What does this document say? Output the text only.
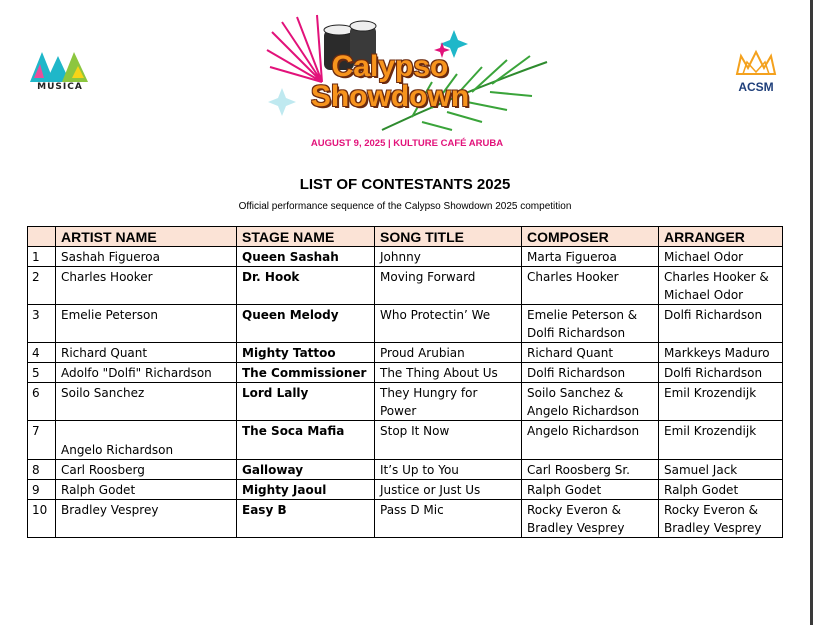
MUSICA	ACSM
Calypso
Showdown
AUGUST 9, 2025 | KULTURE CAFÉ ARUBA
LIST OF CONTESTANTS 2025
Official performance sequence of the Calypso Showdown 2025 competition
	ARTIST NAME	STAGE NAME	SONG TITLE	COMPOSER	ARRANGER
1	Sashah Figueroa	Queen Sashah	Johnny	Marta Figueroa	Michael Odor
2	Charles Hooker	Dr. Hook	Moving Forward	Charles Hooker	Charles Hooker & Michael Odor
3	Emelie Peterson	Queen Melody	Who Protectin’ We	Emelie Peterson & Dolfi Richardson	Dolfi Richardson
4	Richard Quant	Mighty Tattoo	Proud Arubian	Richard Quant	Markkeys Maduro
5	Adolfo "Dolfi" Richardson	The Commissioner	The Thing About Us	Dolfi Richardson	Dolfi Richardson
6	Soilo Sanchez	Lord Lally	They Hungry for Power	Soilo Sanchez & Angelo Richardson	Emil Krozendijk
7	Angelo Richardson	The Soca Mafia	Stop It Now	Angelo Richardson	Emil Krozendijk
8	Carl Roosberg	Galloway	It’s Up to You	Carl Roosberg Sr.	Samuel Jack
9	Ralph Godet	Mighty Jaoul	Justice or Just Us	Ralph Godet	Ralph Godet
10	Bradley Vesprey	Easy B	Pass D Mic	Rocky Everon & Bradley Vesprey	Rocky Everon & Bradley Vesprey
